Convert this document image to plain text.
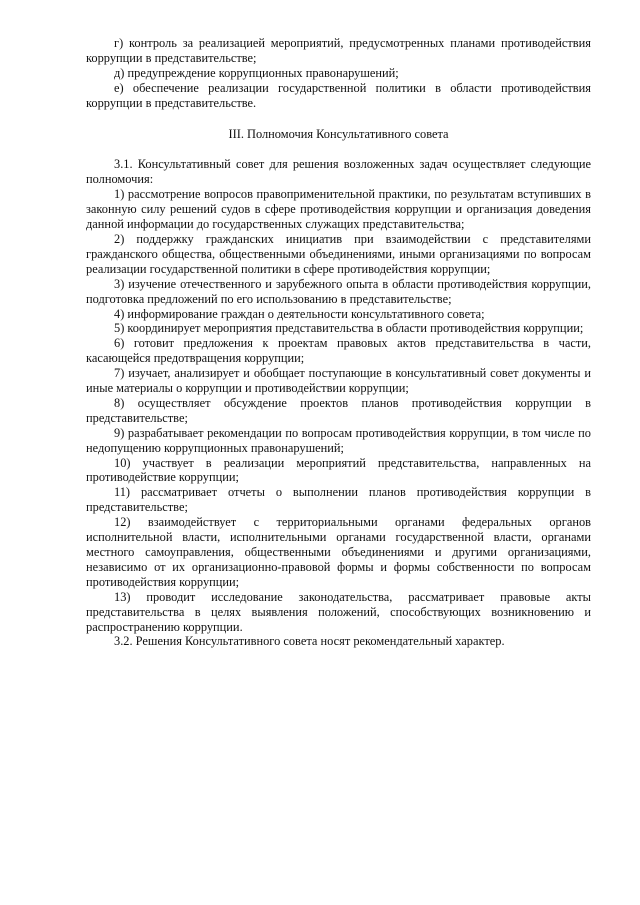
г) контроль за реализацией мероприятий, предусмотренных планами противодействия коррупции в представительстве;

д) предупреждение коррупционных правонарушений;

е) обеспечение реализации государственной политики в области противодействия коррупции в представительстве.

III. Полномочия Консультативного совета

3.1. Консультативный совет для решения возложенных задач осуществляет следующие полномочия:

1) рассмотрение вопросов правоприменительной практики, по результатам вступивших в законную силу решений судов в сфере противодействия коррупции и организация доведения данной информации до государственных служащих представительства;

2) поддержку гражданских инициатив при взаимодействии с представителями гражданского общества, общественными объединениями, иными организациями по вопросам реализации государственной политики в сфере противодействия коррупции;

3) изучение отечественного и зарубежного опыта в области противодействия коррупции, подготовка предложений по его использованию в представительстве;

4) информирование граждан о деятельности консультативного совета;

5) координирует мероприятия представительства в области противодействия коррупции;

6) готовит предложения к проектам правовых актов представительства в части, касающейся предотвращения коррупции;

7) изучает, анализирует и обобщает поступающие в консультативный совет документы и иные материалы о коррупции и противодействии коррупции;

8) осуществляет обсуждение проектов планов противодействия коррупции в представительстве;

9) разрабатывает рекомендации по вопросам противодействия коррупции, в том числе по недопущению коррупционных правонарушений;

10) участвует в реализации мероприятий представительства, направленных на противодействие коррупции;

11) рассматривает отчеты о выполнении планов противодействия коррупции в представительстве;

12) взаимодействует с территориальными органами федеральных органов исполнительной власти, исполнительными органами государственной власти, органами местного самоуправления, общественными объединениями и другими организациями, независимо от их организационно-правовой формы и формы собственности по вопросам противодействия коррупции;

13) проводит исследование законодательства, рассматривает правовые акты представительства в целях выявления положений, способствующих возникновению и распространению коррупции.

3.2. Решения Консультативного совета носят рекомендательный характер.
